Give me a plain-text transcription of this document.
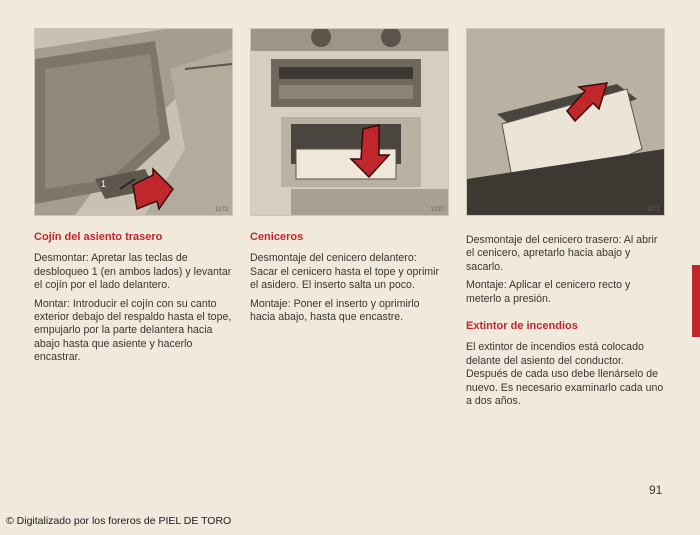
1172
1
1237	1171
Cojín del asiento trasero

Desmontar: Apretar las teclas de desbloqueo 1 (en ambos lados) y levantar el cojín por el lado delantero.

Montar: Introducir el cojín con su canto exterior debajo del respaldo hasta el tope, empujarlo por la parte delantera hacia abajo hasta que asiente y hacerlo encastrar.

Ceniceros

Desmontaje del cenicero delantero: Sacar el cenicero hasta el tope y oprimir el asidero. El inserto salta un poco.

Montaje: Poner el inserto y oprimirlo hacia abajo, hasta que encastre.

Desmontaje del cenicero trasero: Al abrir el cenicero, apretarlo hacia abajo y sacarlo.

Montaje: Aplicar el cenicero recto y meterlo a presión.

Extintor de incendios

El extintor de incendios está colocado delante del asiento del conductor. Después de cada uso debe llenárselo de nuevo. Es necesario examinarlo cada uno a dos años.

91
© Digitalizado por los foreros de PIEL DE TORO
